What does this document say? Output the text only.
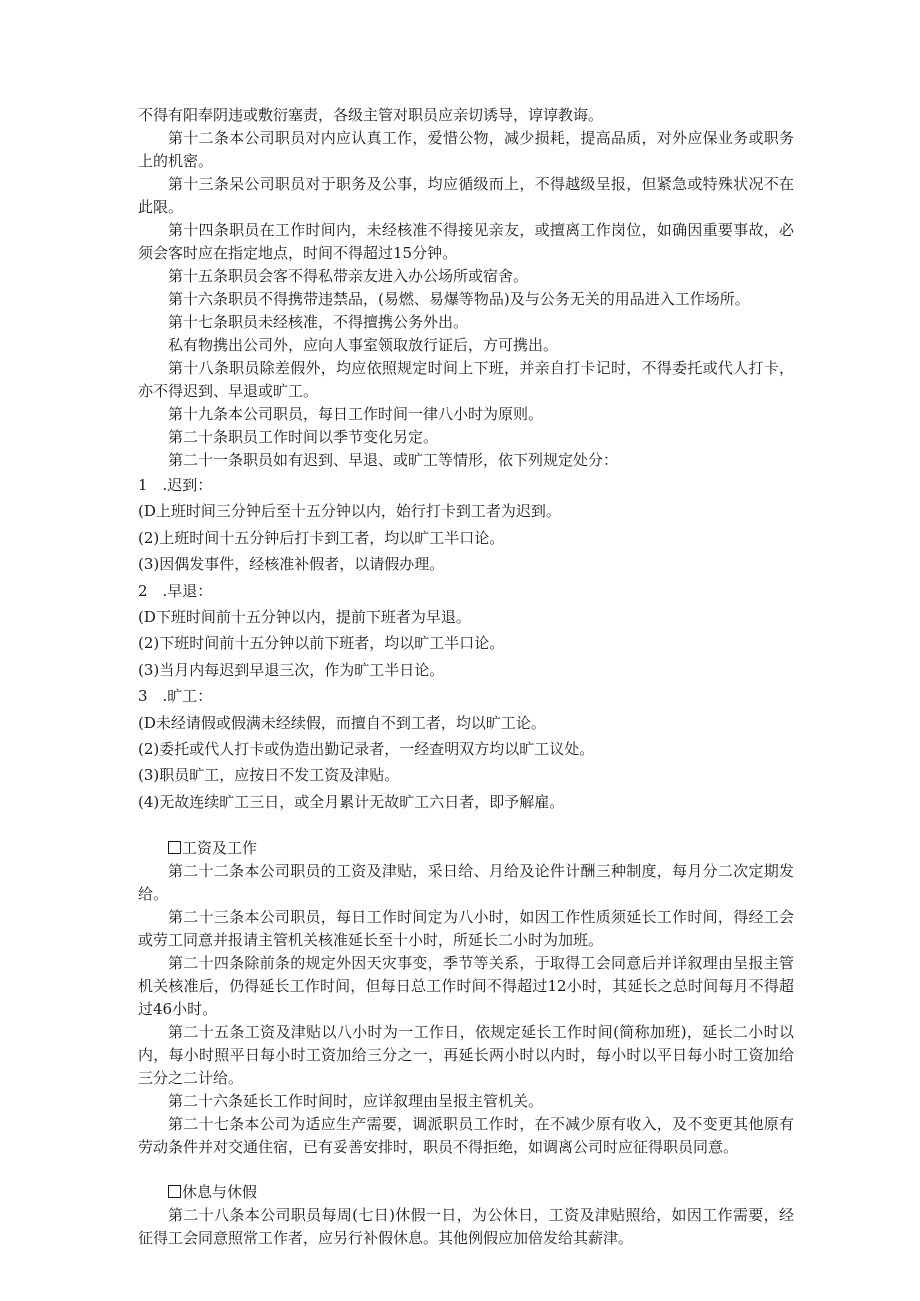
不得有阳奉阴违或敷衍塞责，各级主管对职员应亲切诱导，谆谆教诲。

第十二条本公司职员对内应认真工作，爱惜公物，减少损耗，提高品质，对外应保业务或职务上的机密。

第十三条呆公司职员对于职务及公事，均应循级而上，不得越级呈报，但紧急或特殊状况不在此限。

第十四条职员在工作时间内，未经核准不得接见亲友，或擅离工作岗位，如确因重要事故，必须会客时应在指定地点，时间不得超过15分钟。

第十五条职员会客不得私带亲友进入办公场所或宿舍。

第十六条职员不得携带违禁品，(易燃、易爆等物品)及与公务无关的用品进入工作场所。

第十七条职员未经核准，不得擅携公务外出。

私有物携出公司外，应向人事室领取放行证后，方可携出。

第十八条职员除差假外，均应依照规定时间上下班，并亲自打卡记时，不得委托或代人打卡，亦不得迟到、早退或旷工。

第十九条本公司职员，每日工作时间一律八小时为原则。

第二十条职员工作时间以季节变化另定。

第二十一条职员如有迟到、早退、或旷工等情形，依下列规定处分：

1　.迟到：

(D上班时间三分钟后至十五分钟以内，始行打卡到工者为迟到。

(2)上班时间十五分钟后打卡到工者，均以旷工半口论。

(3)因偶发事件，经核准补假者，以请假办理。

2　.早退：

(D下班时间前十五分钟以内，提前下班者为早退。

(2)下班时间前十五分钟以前下班者，均以旷工半口论。

(3)当月内每迟到早退三次，作为旷工半日论。

3　.旷工：

(D未经请假或假满未经续假，而擅自不到工者，均以旷工论。

(2)委托或代人打卡或伪造出勤记录者，一经查明双方均以旷工议处。

(3)职员旷工，应按日不发工资及津贴。

(4)无故连续旷工三日，或全月累计无故旷工六日者，即予解雇。

工资及工作

第二十二条本公司职员的工资及津贴，采日给、月给及论件计酬三种制度，每月分二次定期发给。

第二十三条本公司职员，每日工作时间定为八小时，如因工作性质须延长工作时间，得经工会或劳工同意并报请主管机关核准延长至十小时，所延长二小时为加班。

第二十四条除前条的规定外因天灾事变，季节等关系，于取得工会同意后并详叙理由呈报主管机关核准后，仍得延长工作时间，但每日总工作时间不得超过12小时，其延长之总时间每月不得超过46小时。

第二十五条工资及津贴以八小时为一工作日，依规定延长工作时间(简称加班)，延长二小时以内，每小时照平日每小时工资加给三分之一，再延长两小时以内时，每小时以平日每小时工资加给三分之二计给。

第二十六条延长工作时间时，应详叙理由呈报主管机关。

第二十七条本公司为适应生产需要，调派职员工作时，在不减少原有收入，及不变更其他原有劳动条件并对交通住宿，已有妥善安排时，职员不得拒绝，如调离公司时应征得职员同意。

休息与休假

第二十八条本公司职员每周(七日)休假一日，为公休日，工资及津贴照给，如因工作需要，经征得工会同意照常工作者，应另行补假休息。其他例假应加倍发给其薪津。
